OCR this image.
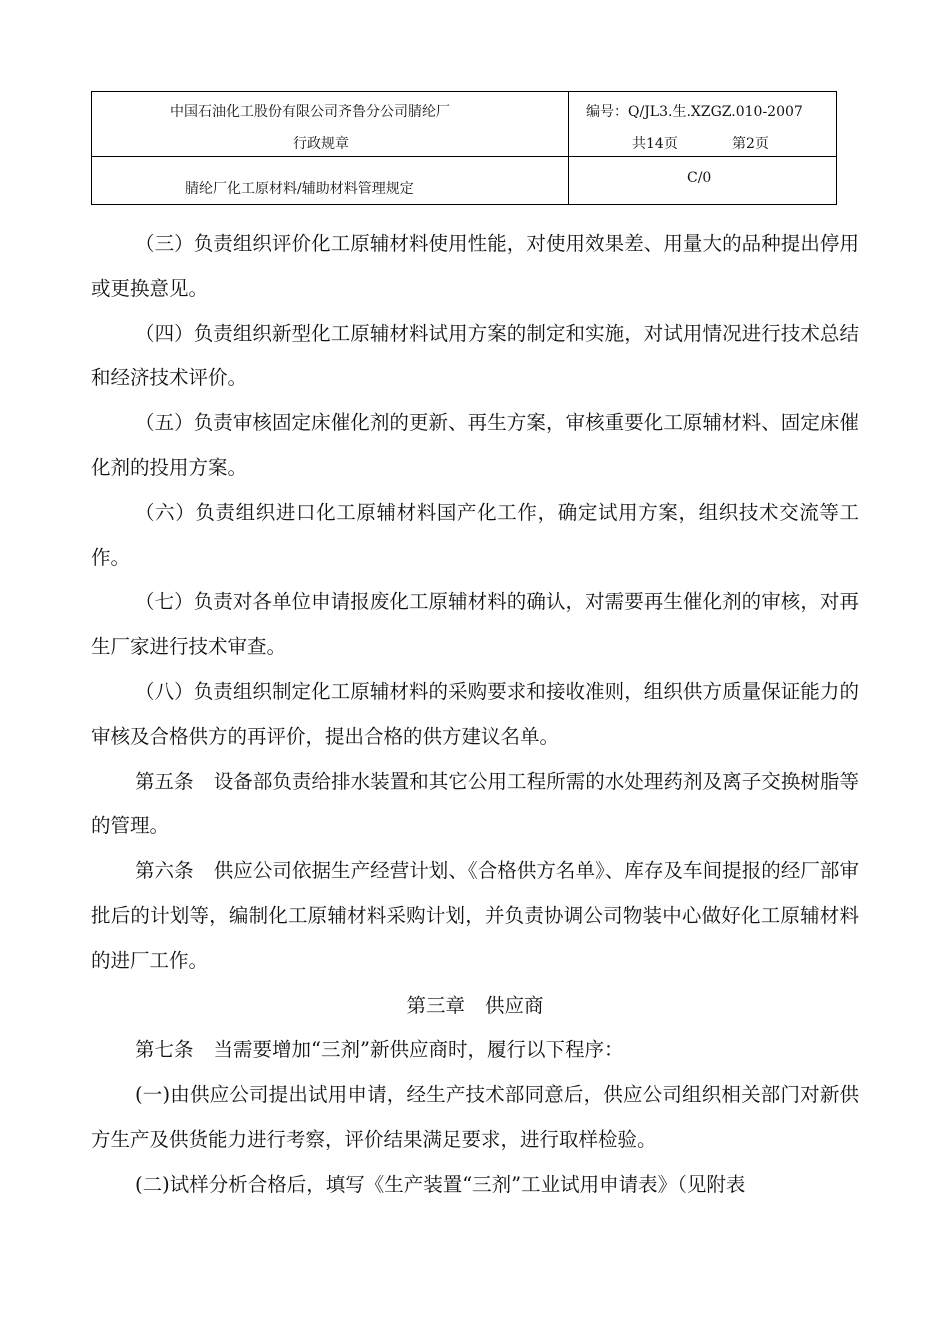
中国石油化工股份有限公司齐鲁分公司腈纶厂
行政规章
编号：Q/JL3.生.XZGZ.010-2007
共14页	第2页
腈纶厂化工原材料/辅助材料管理规定
C/0

（三）负责组织评价化工原辅材料使用性能，对使用效果差、用量大的品种提出停用或更换意见。

（四）负责组织新型化工原辅材料试用方案的制定和实施，对试用情况进行技术总结和经济技术评价。

（五）负责审核固定床催化剂的更新、再生方案，审核重要化工原辅材料、固定床催化剂的投用方案。

（六）负责组织进口化工原辅材料国产化工作，确定试用方案，组织技术交流等工作。

（七）负责对各单位申请报废化工原辅材料的确认，对需要再生催化剂的审核，对再生厂家进行技术审查。

（八）负责组织制定化工原辅材料的采购要求和接收准则，组织供方质量保证能力的审核及合格供方的再评价，提出合格的供方建议名单。

第五条 设备部负责给排水装置和其它公用工程所需的水处理药剂及离子交换树脂等的管理。

第六条 供应公司依据生产经营计划、《合格供方名单》、库存及车间提报的经厂部审批后的计划等，编制化工原辅材料采购计划，并负责协调公司物装中心做好化工原辅材料的进厂工作。

第三章 供应商

第七条 当需要增加“三剂”新供应商时，履行以下程序：

(一)由供应公司提出试用申请，经生产技术部同意后，供应公司组织相关部门对新供方生产及供货能力进行考察，评价结果满足要求，进行取样检验。

(二)试样分析合格后，填写《生产装置“三剂”工业试用申请表》（见附表
